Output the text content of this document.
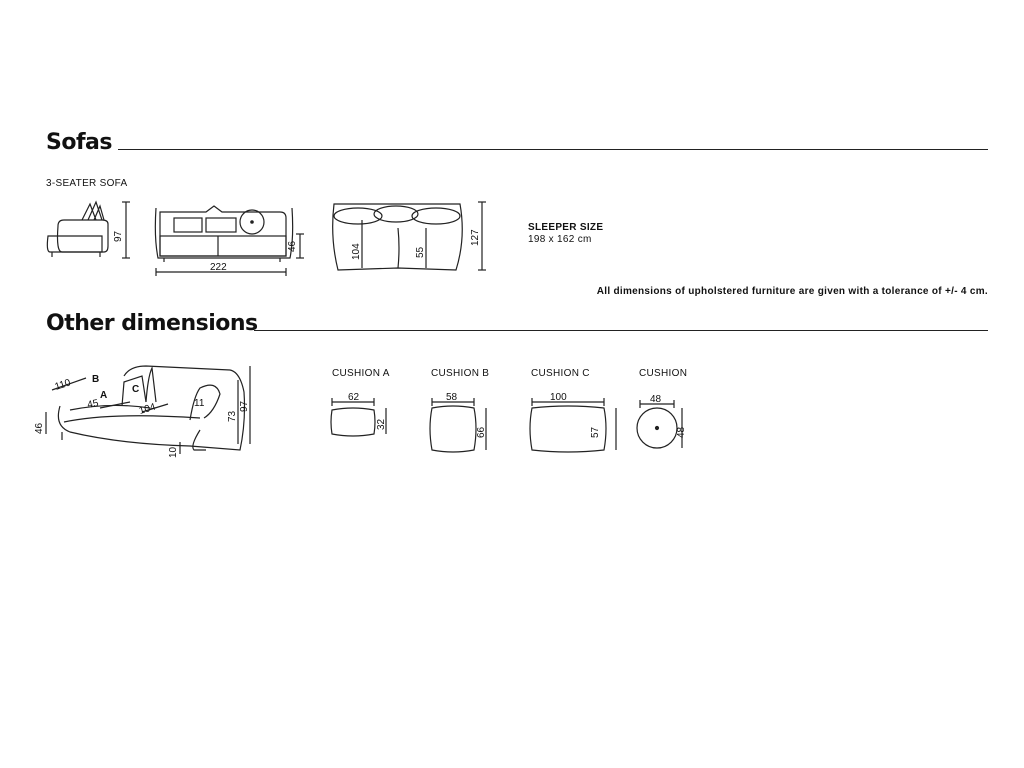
Sofas
3-SEATER SOFA
97
222
46	104	55
127
SLEEPER SIZE
198 x 162 cm
All dimensions of upholstered furniture are given with a tolerance of +/- 4 cm.
Other dimensions
B
A
C
110
45	104	11
46
10
73
97
CUSHION A
62
32
CUSHION B
58
66
CUSHION C
100
57
CUSHION
48
48
